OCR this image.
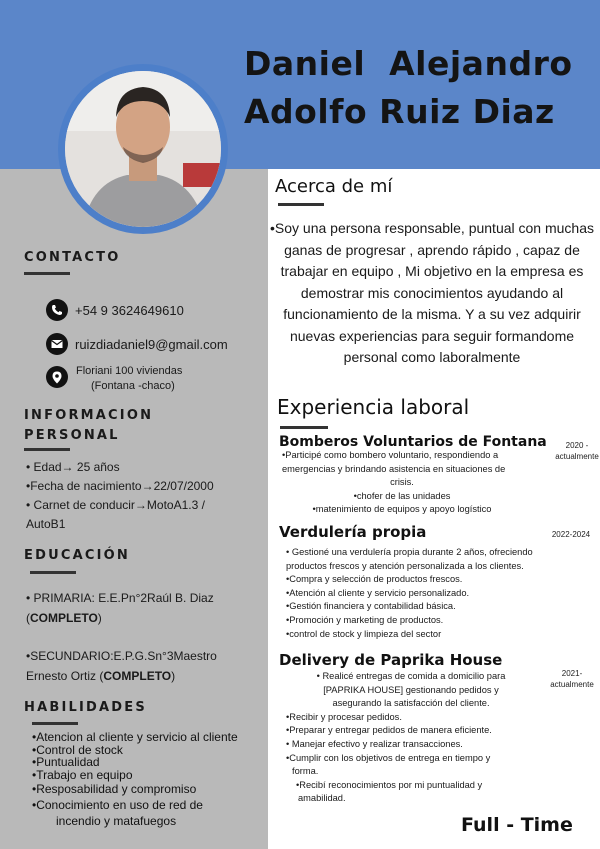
Daniel  Alejandro
Adolfo Ruiz Diaz
CONTACTO
+54 9 3624649610
ruizdiadaniel9@gmail.com
Floriani 100 viviendas
(Fontana -chaco)
INFORMACION
PERSONAL

• Edad→ 25 años

•Fecha de nacimiento→22/07/2000

• Carnet de conducir→MotoA1.3 /

AutoB1

EDUCACIÓN
• PRIMARIA: E.E.Pn°2Raúl B. Diaz (COMPLETO)
•SECUNDARIO:E.P.G.Sn°3Maestro Ernesto Ortiz (COMPLETO)
HABILIDADES
•Atencion al cliente y servicio al cliente
•Control de stock
•Puntualidad
•Trabajo en equipo
•Resposabilidad y compromiso
•Conocimiento en uso de red de
incendio y matafuegos
Acerca de mí
•Soy una persona responsable, puntual con muchas ganas de progresar , aprendo rápido , capaz de trabajar en equipo , Mi objetivo en la empresa es demostrar mis conocimientos ayudando al funcionamiento de la misma. Y a su vez adquirir nuevas experiencias para seguir formandome personal como laboralmente
Experiencia laboral
Bomberos Voluntarios de Fontana	2020 -
actualmente
•Participé como bombero voluntario, respondiendo a
emergencias y brindando asistencia en situaciones de
crisis.
•chofer de las unidades
•matenimiento de equipos y apoyo logístico
Verdulería propia	2022-2024
• Gestioné una verdulería propia durante 2 años, ofreciendo
productos frescos y atención personalizada a los clientes.
•Compra y selección de productos frescos.
•Atención al cliente y servicio personalizado.
•Gestión financiera y contabilidad básica.
•Promoción y marketing de productos.
•control de stock y limpieza del sector
Delivery de Paprika House
2021-
actualmente
• Realicé entregas de comida a domicilio para
[PAPRIKA HOUSE] gestionando pedidos y
asegurando la satisfacción del cliente.
•Recibir y procesar pedidos.
•Preparar y entregar pedidos de manera eficiente.
• Manejar efectivo y realizar transacciones.
•Cumplir con los objetivos de entrega en tiempo y
forma.
•Recibí reconocimientos por mi puntualidad y
amabilidad.
Full - Time
